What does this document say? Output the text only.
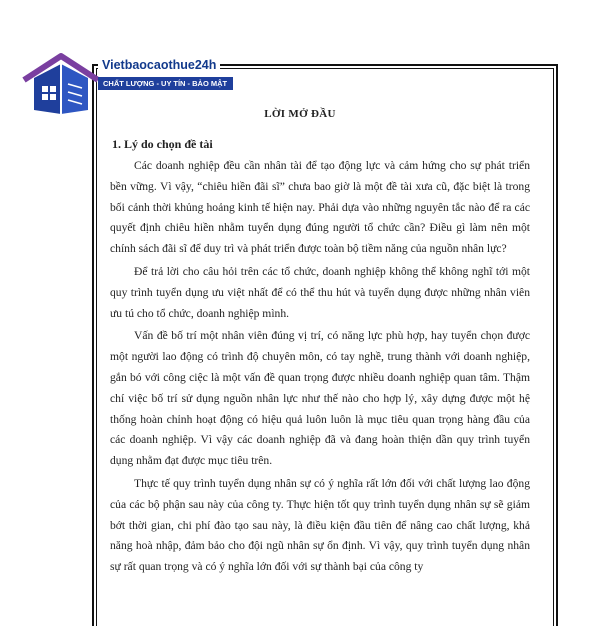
Vietbaocaothue24h
CHẤT LƯỢNG - UY TÍN - BẢO MẬT
LỜI MỞ ĐẦU
1. Lý do chọn đề tài

Các doanh nghiệp đều cần nhân tài để tạo động lực và cảm hứng cho sự phát triển bền vững. Vì vậy, “chiêu hiền đãi sĩ” chưa bao giờ là một đề tài xưa cũ, đặc biệt là trong bối cảnh thời khủng hoảng kinh tế hiện nay. Phải dựa vào những nguyên tắc nào để ra các quyết định chiêu hiền nhằm tuyển dụng đúng người tổ chức cần? Điều gì làm nên một chính sách đãi sĩ để duy trì và phát triển được toàn bộ tiềm năng của nguồn nhân lực?

Để trả lời cho câu hỏi trên các tổ chức, doanh nghiệp không thể không nghĩ tới một quy trình tuyển dụng ưu việt nhất để có thể thu hút và tuyển dụng được những nhân viên ưu tú cho tổ chức, doanh nghiệp mình.

Vấn đề bố trí một nhân viên đúng vị trí, có năng lực phù hợp, hay tuyển chọn được một người lao động có trình độ chuyên môn, có tay nghề, trung thành với doanh nghiệp, gắn bó với công ciệc là một vấn đề quan trọng được nhiều doanh nghiệp quan tâm. Thậm chí việc bố trí sử dụng nguồn nhân lực như thế nào cho hợp lý, xây dựng được một hệ thống hoàn chỉnh hoạt động có hiệu quả luôn luôn là mục tiêu quan trọng hàng đầu của các doanh nghiệp. Vì vậy các doanh nghiệp đã và đang hoàn thiện dần quy trình tuyển dụng nhằm đạt được mục tiêu trên.

Thực tế quy trình tuyển dụng nhân sự có ý nghĩa rất lớn đối với chất lượng lao động của các bộ phận sau này của công ty. Thực hiện tốt quy trình tuyển dụng nhân sự sẽ giảm bớt thời gian, chi phí đào tạo sau này, là điều kiện đầu tiên để nâng cao chất lượng, khả năng hoà nhập, đảm bảo cho đội ngũ nhân sự ổn định. Vì vậy, quy trình tuyển dụng nhân sự rất quan trọng và có ý nghĩa lớn đối với sự thành bại của công ty
